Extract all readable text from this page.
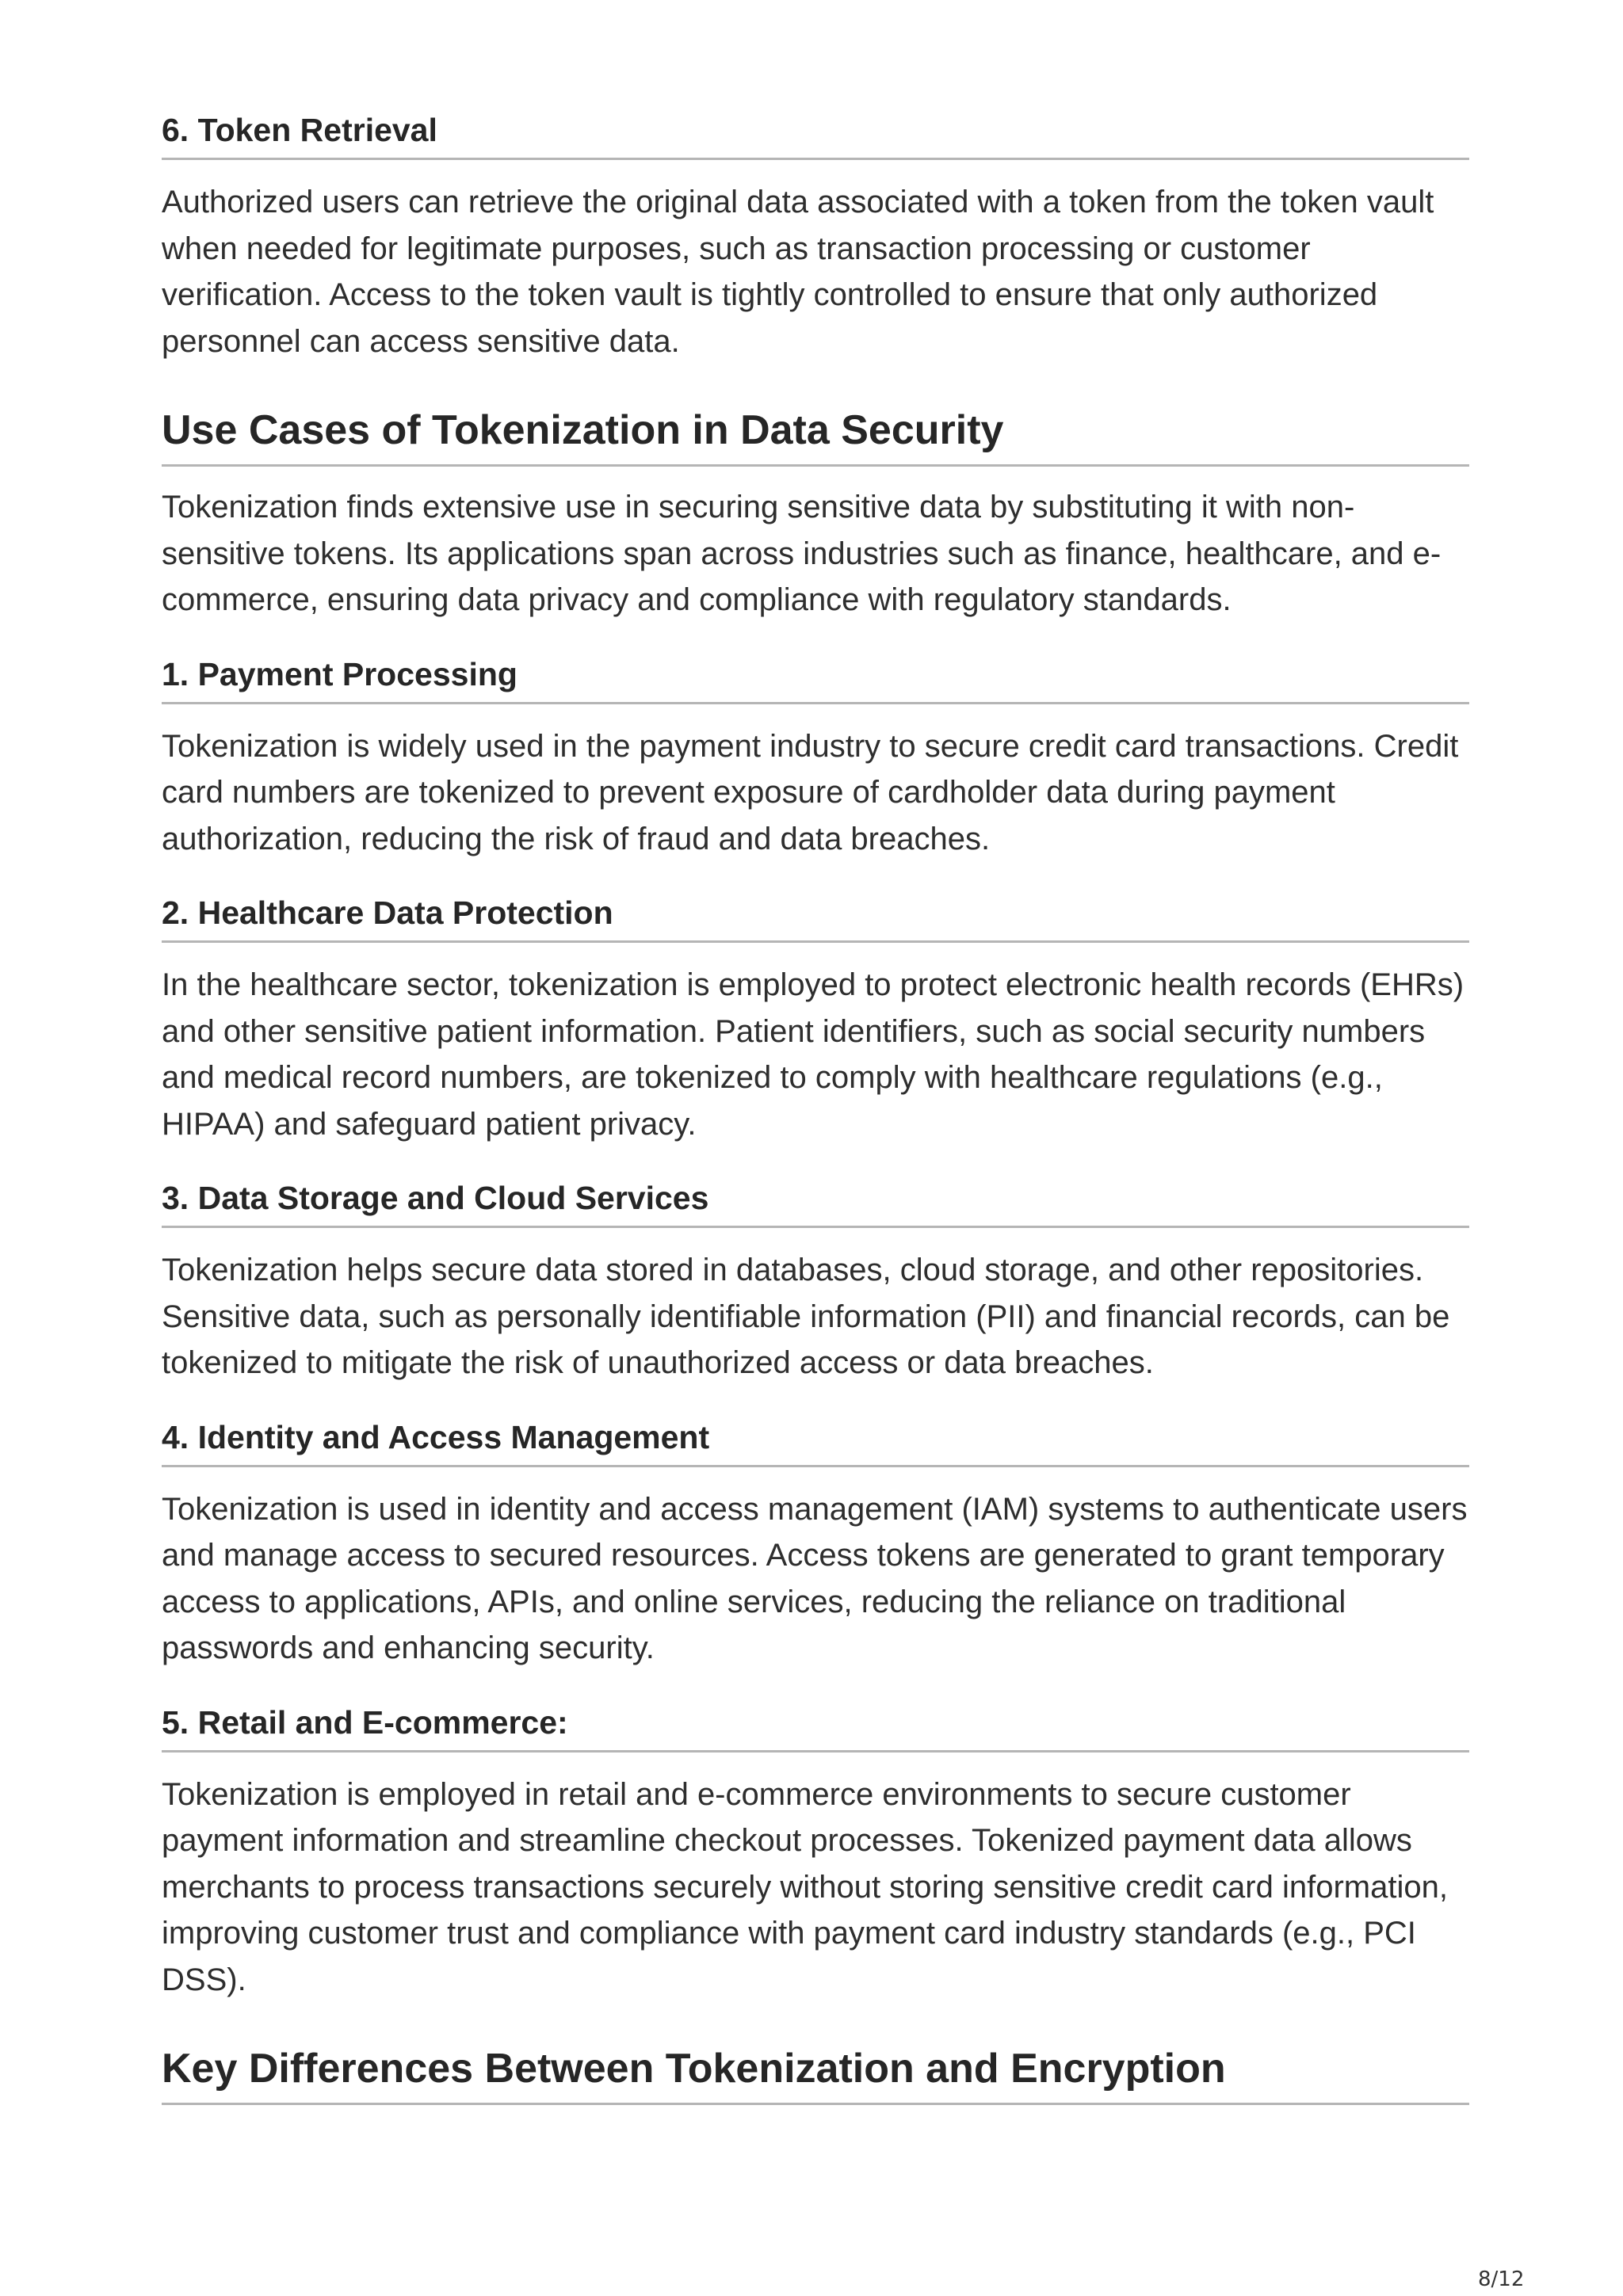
6. Token Retrieval

Authorized users can retrieve the original data associated with a token from the token vault when needed for legitimate purposes, such as transaction processing or customer verification. Access to the token vault is tightly controlled to ensure that only authorized personnel can access sensitive data.

Use Cases of Tokenization in Data Security

Tokenization finds extensive use in securing sensitive data by substituting it with non-sensitive tokens. Its applications span across industries such as finance, healthcare, and e-commerce, ensuring data privacy and compliance with regulatory standards.

1. Payment Processing

Tokenization is widely used in the payment industry to secure credit card transactions. Credit card numbers are tokenized to prevent exposure of cardholder data during payment authorization, reducing the risk of fraud and data breaches.

2. Healthcare Data Protection

In the healthcare sector, tokenization is employed to protect electronic health records (EHRs) and other sensitive patient information. Patient identifiers, such as social security numbers and medical record numbers, are tokenized to comply with healthcare regulations (e.g., HIPAA) and safeguard patient privacy.

3. Data Storage and Cloud Services

Tokenization helps secure data stored in databases, cloud storage, and other repositories. Sensitive data, such as personally identifiable information (PII) and financial records, can be tokenized to mitigate the risk of unauthorized access or data breaches.

4. Identity and Access Management

Tokenization is used in identity and access management (IAM) systems to authenticate users and manage access to secured resources. Access tokens are generated to grant temporary access to applications, APIs, and online services, reducing the reliance on traditional passwords and enhancing security.

5. Retail and E-commerce:

Tokenization is employed in retail and e-commerce environments to secure customer payment information and streamline checkout processes. Tokenized payment data allows merchants to process transactions securely without storing sensitive credit card information, improving customer trust and compliance with payment card industry standards (e.g., PCI DSS).

Key Differences Between Tokenization and Encryption
8/12
